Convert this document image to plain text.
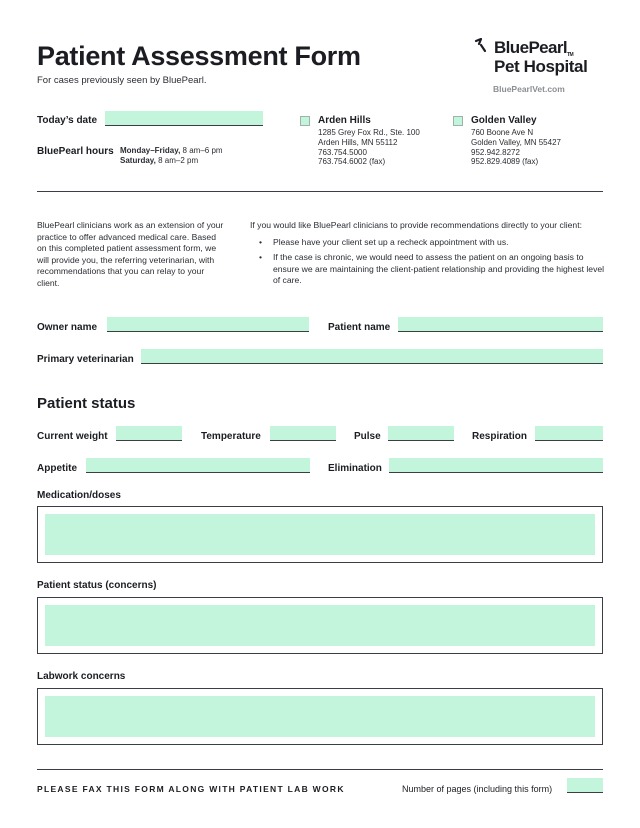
Patient Assessment Form
For cases previously seen by BluePearl.
BluePearlTM
Pet Hospital
BluePearlVet.com
Today’s date
BluePearl hours Monday–Friday, 8 am–6 pm
Saturday, 8 am–2 pm
Arden Hills
1285 Grey Fox Rd., Ste. 100
Arden Hills, MN 55112
763.754.5000
763.754.6002 (fax)
Golden Valley
760 Boone Ave N
Golden Valley, MN 55427
952.942.8272
952.829.4089 (fax)
BluePearl clinicians work as an extension of your practice to offer advanced medical care. Based on this completed patient assessment form, we will provide you, the referring veterinarian, with recommendations that you can relay to your client.
If you would like BluePearl clinicians to provide recommendations directly to your client:
• Please have your client set up a recheck appointment with us.
• If the case is chronic, we would need to assess the patient on an ongoing basis to ensure we are maintaining the client-patient relationship and providing the highest level of care.
Owner name	Patient name
Primary veterinarian
Patient status
Current weight	Temperature	Pulse	Respiration
Appetite	Elimination
Medication/doses
Patient status (concerns)
Labwork concerns
PLEASE FAX THIS FORM ALONG WITH PATIENT LAB WORK	Number of pages (including this form)
